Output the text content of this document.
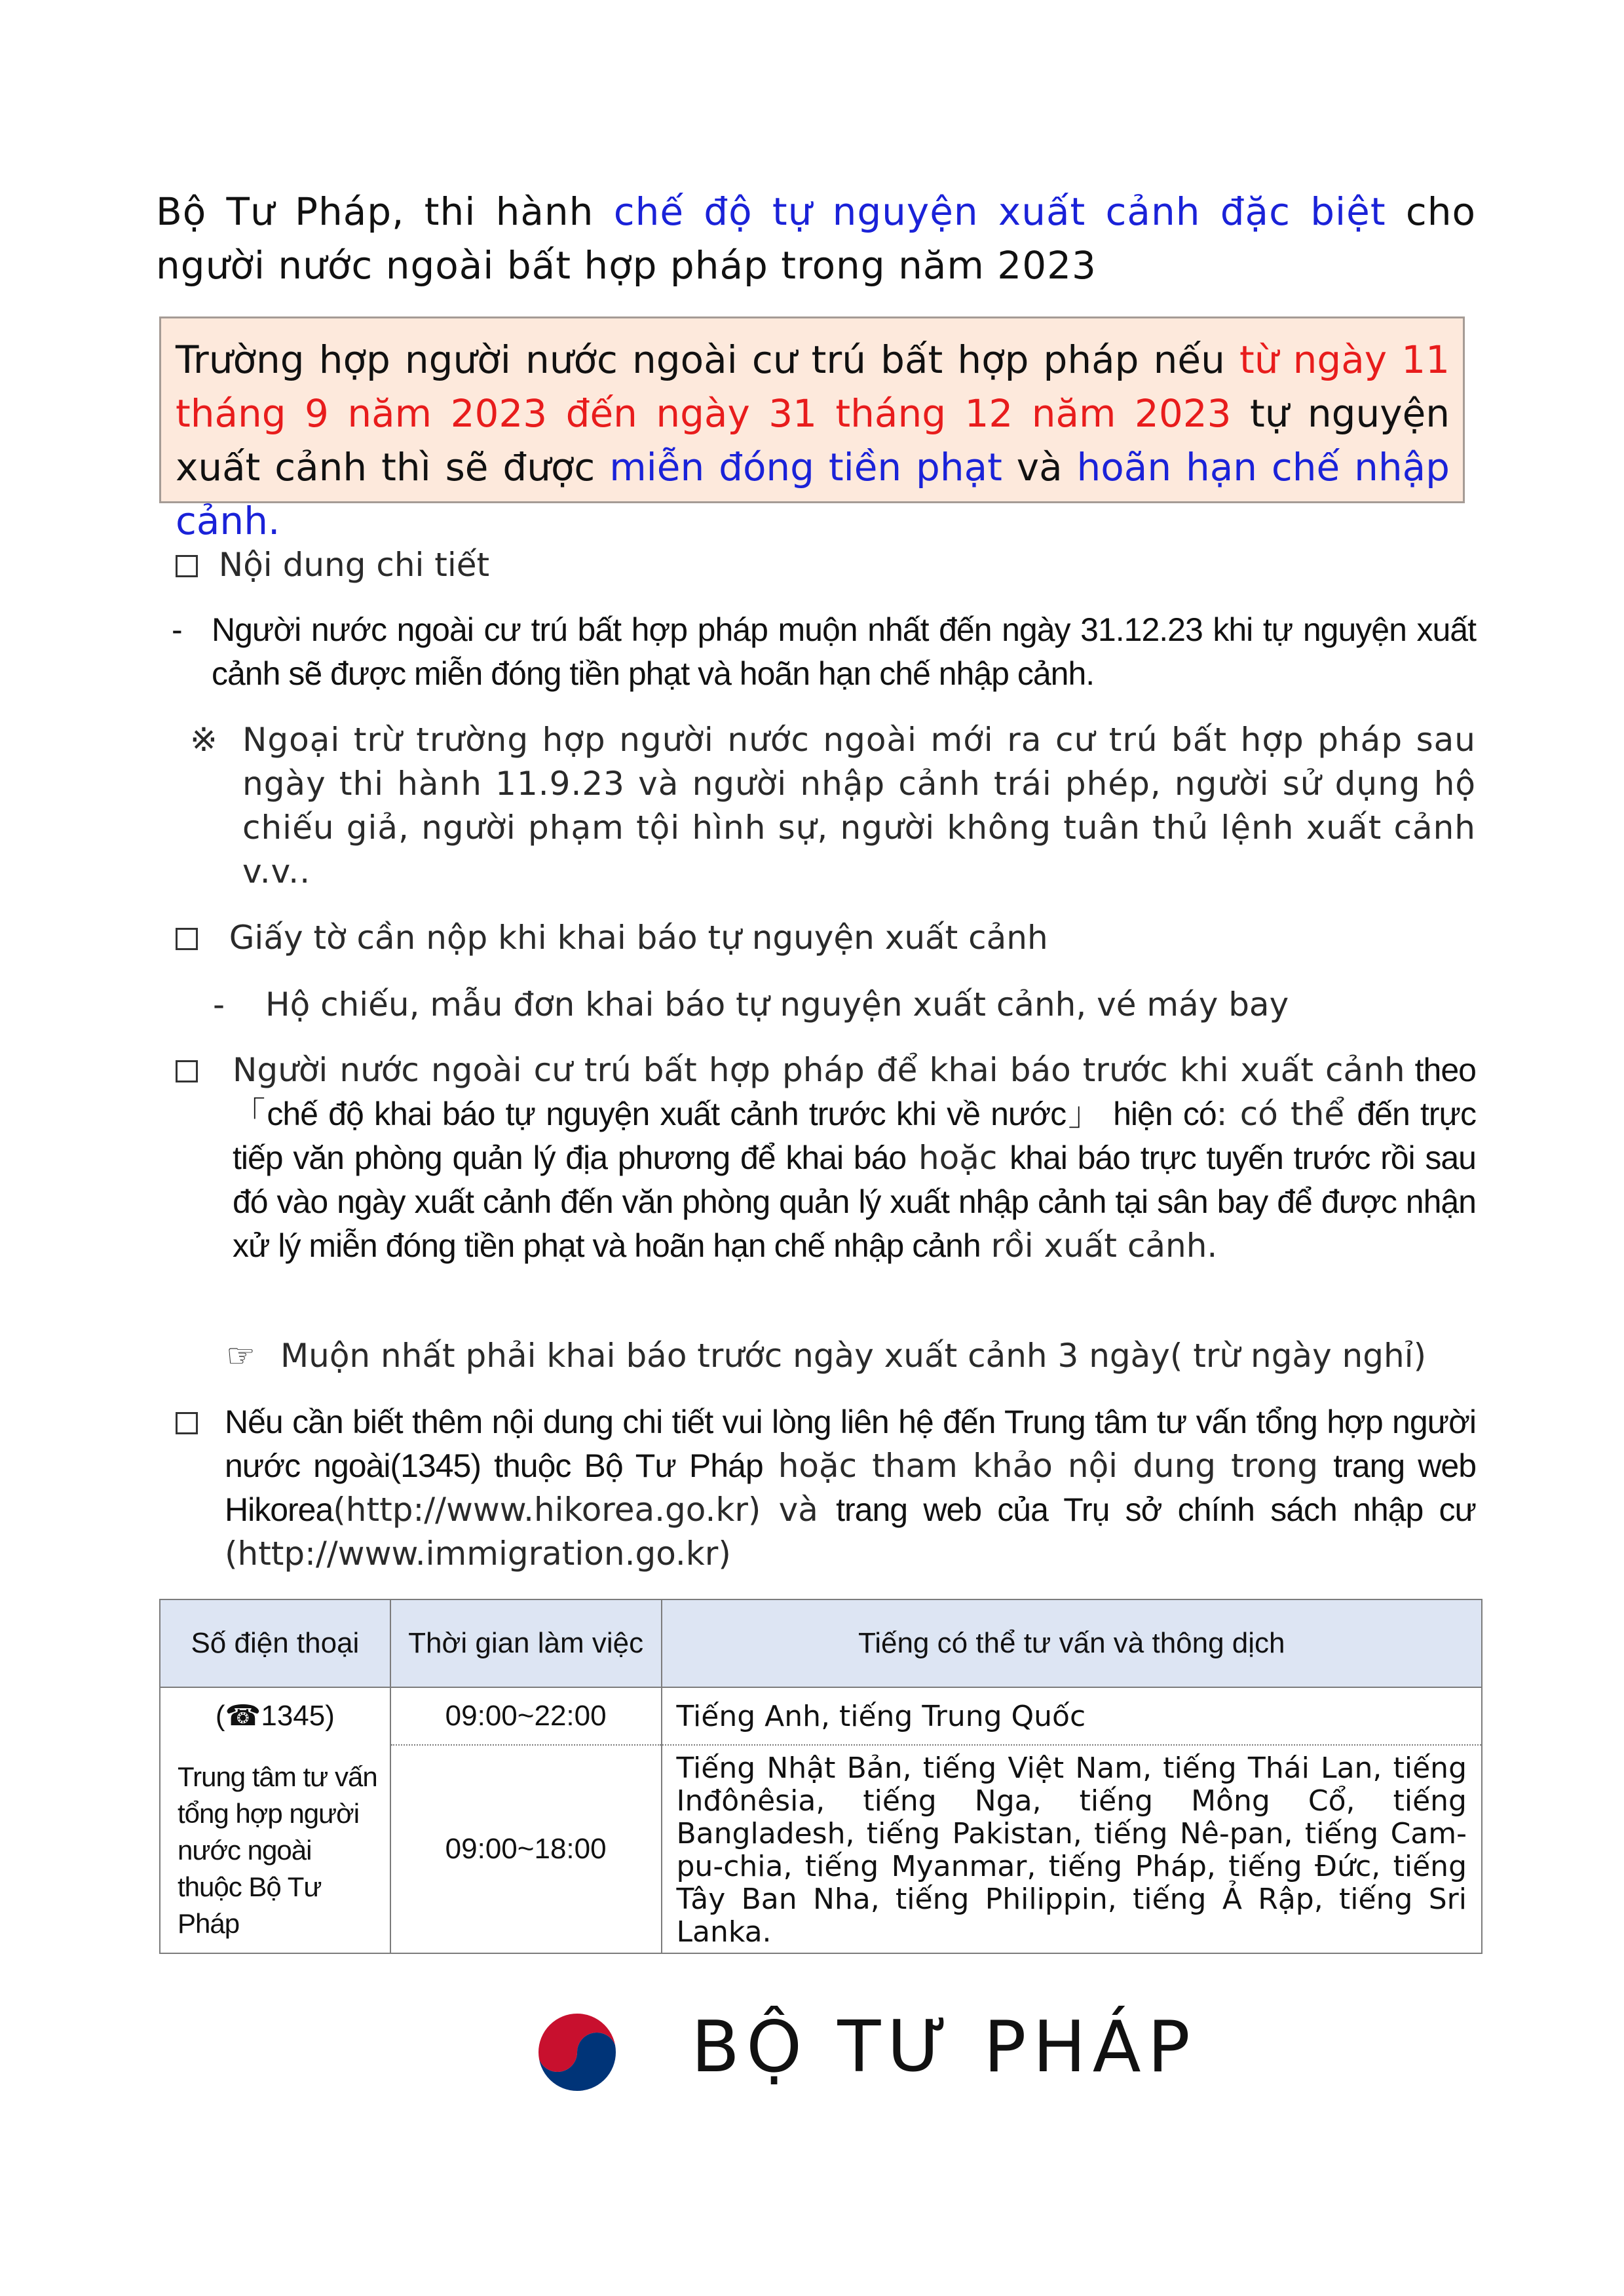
Bộ Tư Pháp, thi hành chế độ tự nguyện xuất cảnh đặc biệt cho người nước ngoài bất hợp pháp trong năm 2023
Trường hợp người nước ngoài cư trú bất hợp pháp nếu từ ngày 11 tháng 9 năm 2023 đến ngày 31 tháng 12 năm 2023 tự nguyện xuất cảnh thì sẽ được miễn đóng tiền phạt và hoãn hạn chế nhập cảnh.
Nội dung chi tiết
- Người nước ngoài cư trú bất hợp pháp muộn nhất đến ngày 31.12.23 khi tự nguyện xuất cảnh sẽ được miễn đóng tiền phạt và hoãn hạn chế nhập cảnh.
※ Ngoại trừ trường hợp người nước ngoài mới ra cư trú bất hợp pháp sau ngày thi hành 11.9.23 và người nhập cảnh trái phép, người sử dụng hộ chiếu giả, người phạm tội hình sự, người không tuân thủ lệnh xuất cảnh v.v..
Giấy tờ cần nộp khi khai báo tự nguyện xuất cảnh
- Hộ chiếu, mẫu đơn khai báo tự nguyện xuất cảnh, vé máy bay
Người nước ngoài cư trú bất hợp pháp để khai báo trước khi xuất cảnh theo 「chế độ khai báo tự nguyện xuất cảnh trước khi về nước」 hiện có: có thể đến trực tiếp văn phòng quản lý địa phương để khai báo hoặc khai báo trực tuyến trước rồi sau đó vào ngày xuất cảnh đến văn phòng quản lý xuất nhập cảnh tại sân bay để được nhận xử lý miễn đóng tiền phạt và hoãn hạn chế nhập cảnh rồi xuất cảnh.
☞ Muộn nhất phải khai báo trước ngày xuất cảnh 3 ngày( trừ ngày nghỉ)
Nếu cần biết thêm nội dung chi tiết vui lòng liên hệ đến Trung tâm tư vấn tổng hợp người nước ngoài(1345) thuộc Bộ Tư Pháp hoặc tham khảo nội dung trong trang web Hikorea(http://www.hikorea.go.kr) và trang web của Trụ sở chính sách nhập cư (http://www.immigration.go.kr)
Số điện thoại	Thời gian làm việc	Tiếng có thể tư vấn và thông dịch

(☎1345)
Trung tâm tư vấn tổng hợp người nước ngoài thuộc Bộ Tư Pháp	09:00~22:00	Tiếng Anh, tiếng Trung Quốc
	09:00~18:00	Tiếng Nhật Bản, tiếng Việt Nam, tiếng Thái Lan, tiếng Inđônêsia, tiếng Nga, tiếng Mông Cổ, tiếng Bangladesh, tiếng Pakistan, tiếng Nê-pan, tiếng Cam-pu-chia, tiếng Myanmar, tiếng Pháp, tiếng Đức, tiếng Tây Ban Nha, tiếng Philippin, tiếng Ả Rập, tiếng Sri Lanka.
BỘ TƯ PHÁP
